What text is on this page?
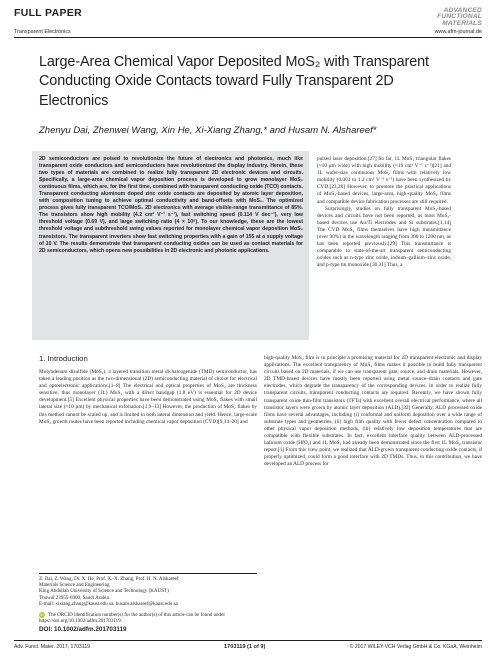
FULL PAPER
Transparent Electronics
ADVANCED
FUNCTIONAL
MATERIALS
www.afm-journal.de
Large-Area Chemical Vapor Deposited MoS₂ with Transparent Conducting Oxide Contacts toward Fully Transparent 2D Electronics
Zhenyu Dai, Zhenwei Wang, Xin He, Xi-Xiang Zhang,* and Husam N. Alshareef*

2D semiconductors are poised to revolutionize the future of electronics and photonics, much like transparent oxide conductors and semiconductors have revolutionized the display industry. Herein, these two types of materials are combined to realize fully transparent 2D electronic devices and circuits. Specifically, a large-area chemical vapor deposition process is developed to grow monolayer MoS₂ continuous films, which are, for the first time, combined with transparent conducting oxide (TCO) contacts. Transparent conducting aluminum doped zinc oxide contacts are deposited by atomic layer deposition, with composition tuning to achieve optimal conductivity and band-offsets with MoS₂. The optimized process gives fully transparent TCO/MoS₂ 2D electronics with average visible-range transmittance of 85%. The transistors show high mobility (4.2 cm² V⁻¹ s⁻¹), fast switching speed (0.114 V dec⁻¹), very low threshold voltage (0.69 V), and large switching ratio (4 × 10⁸). To our knowledge, these are the lowest threshold voltage and subthreshold swing values reported for monolayer chemical vapor deposition MoS₂ transistors. The transparent inverters show fast switching properties with a gain of 155 at a supply voltage of 10 V. The results demonstrate that transparent conducting oxides can be used as contact materials for 2D semiconductors, which opens new possibilities in 2D electronic and photonic applications.

pulsed laser deposition.[27] So far, 1L MoS₂ triangular flakes (≈10 µm wide) with high mobility (≈10 cm² V⁻¹ s⁻¹)[21] and 1L wafer-size continuous MoS₂ films with relatively low mobility (0.003 to 1.2 cm² V⁻¹ s⁻¹) have been synthesized by CVD.[23,28] However, to promote the practical applications of MoS₂-based devices, large-area, high-quality MoS₂ films and compatible device fabrication processes are still required.

Surprisingly, studies on fully transparent MoS₂-based devices and circuits have not been reported, as most MoS₂-based devices use Au/Ti electrodes and Si substrates.[1,14] The CVD MoS₂ films themselves have high transmittance (over 90%) in the wavelength ranging from 300 to 1200 nm, as has been reported previously.[29] This transmittance is comparable to state-of-the-art transparent semiconducting oxides such as n-type zinc oxide, indium–gallium–zinc oxide, and p-type tin monoxide.[30,31] Thus, a

1. Introduction

Molybdenum disulfide (MoS₂), a layered transition metal dichalcogenide (TMD) semiconductor, has taken a leading position as the two-dimensional (2D) semiconducting material of choice for electrical and optoelectronic applications.[1–8] The electrical and optical properties of MoS₂ are thickness sensitive, thus monolayer (1L) MoS₂ with a direct bandgap (1.8 eV) is essential for 2D device development.[5] Excellent physical properties have been demonstrated using MoS₂ flakes with small lateral size (≈10 µm) by mechanical exfoliation.[1,9–13] However, the production of MoS₂ flakes by this method cannot be scaled up, and is limited in both lateral dimension and yield. Hence, large-scale MoS₂ growth routes have been reported including chemical vapor deposition (CVD)[9,14–20] and

high-quality MoS₂ film is in principle a promising material for 2D transparent electronic and display applications. The excellent transparency of MoS₂ films makes it possible to build fully transparent circuits based on 2D materials, if we can use transparent gate, source, and drain materials. However, 2D TMD-based devices have mostly been reported using metal source–drain contacts and gate electrodes, which degrade the transparency of the corresponding devices. In order to realize fully transparent circuits, transparent conducting contacts are required. Recently, we have shown fully transparent oxide thin-film transistors (TFTs) with excellent overall electrical performance, where all transistor layers were grown by atomic layer deposition (ALD).[32] Generally, ALD processed oxide films have several advantages, including (i) conformal and uniform deposition over a wide range of substrate types and geometries, (ii) high film quality with fewer defect concentration compared to other physical vapor deposition methods, (iii) relatively low deposition temperatures that are compatible with flexible substrates. In fact, excellent interface quality between ALD-processed hafnium oxide (HfO₂) and 1L MoS₂ had already been demonstrated since the first 1L MoS₂ transistor report.[1] From this view point, we realized that ALD-grown transparent conducting oxide contacts, if properly optimized, could form a good interface with 2D TMDs. Thus, in this contribution, we have developed an ALD process for

Z. Dai, Z. Wang, Dr. X. He, Prof. X.-X. Zhang, Prof. H. N. Alshareef
Materials Science and Engineering
King Abdullah University of Science and Technology (KAUST)
Thuwal 23955-6900, Saudi Arabia
E-mail: xixiang.zhang@kaust.edu.sa; husam.alshareef@kaust.edu.sa
iD The ORCID identification number(s) for the author(s) of this article can be found under https://doi.org/10.1002/adfm.201703119.
DOI: 10.1002/adfm.201703119
Adv. Funct. Mater. 2017, 1703119	1703119 (1 of 9)	© 2017 WILEY-VCH Verlag GmbH & Co. KGaA, Weinheim
